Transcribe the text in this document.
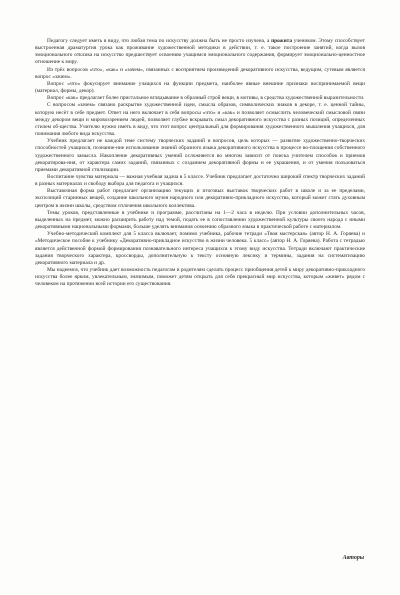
Педагогу следует иметь в виду, что любая тема по искусству должна быть не просто изучена, а прожита учеником. Этому способствует выстроенная драматургия урока как проживание художественной методики в действии, т. е. такое построение занятий, когда вызов эмоционального отклика на искусство предшествует освоению учащимся эмоционального содержания, формирует эмоционально-ценностное отношение к миру.

Из трёх вопросов «что», «как» и «зачем», связанных с восприятием произведений декоративного искусства, ведущим, сутевым является вопрос «зачем».

Вопрос «что» фокусирует внимание учащихся на функции предмета, наиболее явные внешние признаки воспринимаемой вещи (материал, формы, декор).

Вопрос «как» предлагает более пристальное вглядывание в образный строй вещи, в мотивы, в средства художественной выразительности.

С вопросом «зачем» связано раскрытие художественной идеи, смысла образов, символических знаков в декоре, т. е. ценной тайны, которую несёт в себе предмет. Ответ на него включает в себя вопросы «что» и «как» и позволяет осмыслить человеческий смысловой связи между декором вещи и мировоззрением людей, позволяет глубже вскрывать смыл декоративного искусства с разных позиций, определенных стилем об-щества. Учителю нужно иметь в виду, что этот вопрос центральный для формирования художественного мышления учащихся, для понимания любого вида искусства.

Учебник предлагает не каждой теме систему творческих заданий и вопросов, цель которых — развитие художественно-творческих способностей учащихся, познание-ние использование знаний образного языка декоративного искусства в процессе во-площения собственного художественного замысла. Накопление декоративных умений осложняется во многом зависит от поиска учителем способов и приемов декоратирова-ния, от характера самих заданий, связанных с созданием декоративной формы и ее украшения, и от умения пользоваться приемами декоративной стилизации.

Воспитание чувства материала — важная учебная задача в 5 классе. Учебник предлагает достаточно широкий спектр творческих заданий в разных материалах и свободу выбора для педагога и учащихся.

Выставочная форма работ предлагает организацию текущих и итоговых выставок творческих работ в школе и за ее пределами, экспозиций старинных вещей, создание школьного музея народного или декоративно-прикладного искусства, который может стать духовным центром в жизни школы, средством сплочения школьного коллектива.

Темы уроков, представленные в учебнике и программе, рассчитаны на 1—2 часа в неделю. При условии дополнительных часов, выделенных на предмет, можно расширить работу над темой, подать ее в сопоставлении художественной культуры своего народа с иными декоративными национальными формами, больше уделять внимания освоению образного языка в практической работе с материалом.

Учебно-методический комплект для 5 класса включает, помимо учебника, рабочие тетради «Твоя мастерская» (автор Н. А. Горяева) и «Методическое пособие к учебнику «Декоративно-прикладное искусство в жизни человека. 5 класс» (автор Н. А. Горяева). Работа с тетрадью является действенной формой формирования познавательного интереса учащихся к этому виду искусства. Тетради включают практические задания творческого характера, кроссворды, дополнительную к тексту основную лексику и термины, задания на систематизацию декоративного материала и др.

Мы надеемся, что учебник дает возможность педагогам и родителям сделать процесс приобщения детей к миру декоративно-прикладного искусства более ярким, увлекательным, значимым, поможет детям открыть для себя прекрасный мир искусства, которым «живет» рядом с человеком на протяжении всей истории его существования.

Авторы
